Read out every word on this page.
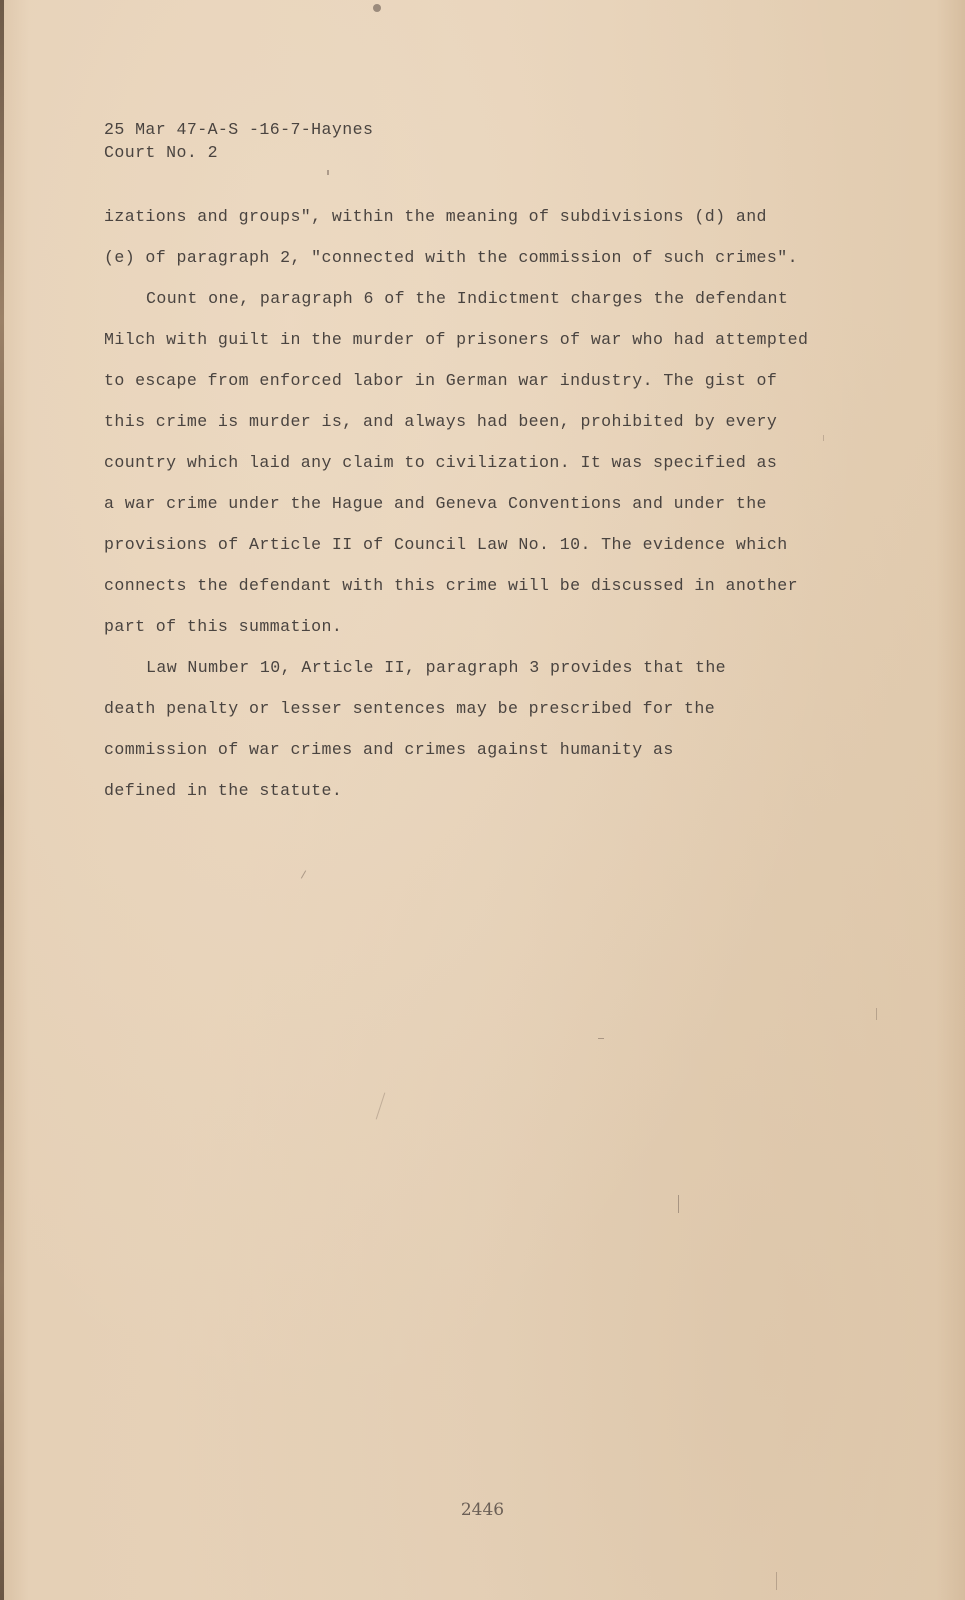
25 Mar 47-A-S -16-7-Haynes
Court No. 2
izations and groups", within the meaning of subdivisions (d) and
(e) of paragraph 2, "connected with the commission of such crimes".
Count one, paragraph 6 of the Indictment charges the defendant
Milch with guilt in the murder of prisoners of war who had attempted
to escape from enforced labor in German war industry. The gist of
this crime is murder is, and always had been, prohibited by every
country which laid any claim to civilization. It was specified as
a war crime under the Hague and Geneva Conventions and under the
provisions of Article II of Council Law No. 10. The evidence which
connects the defendant with this crime will be discussed in another
part of this summation.
Law Number 10, Article II, paragraph 3 provides that the
death penalty or lesser sentences may be prescribed for the
commission of war crimes and crimes against humanity as
defined in the statute.
2446
